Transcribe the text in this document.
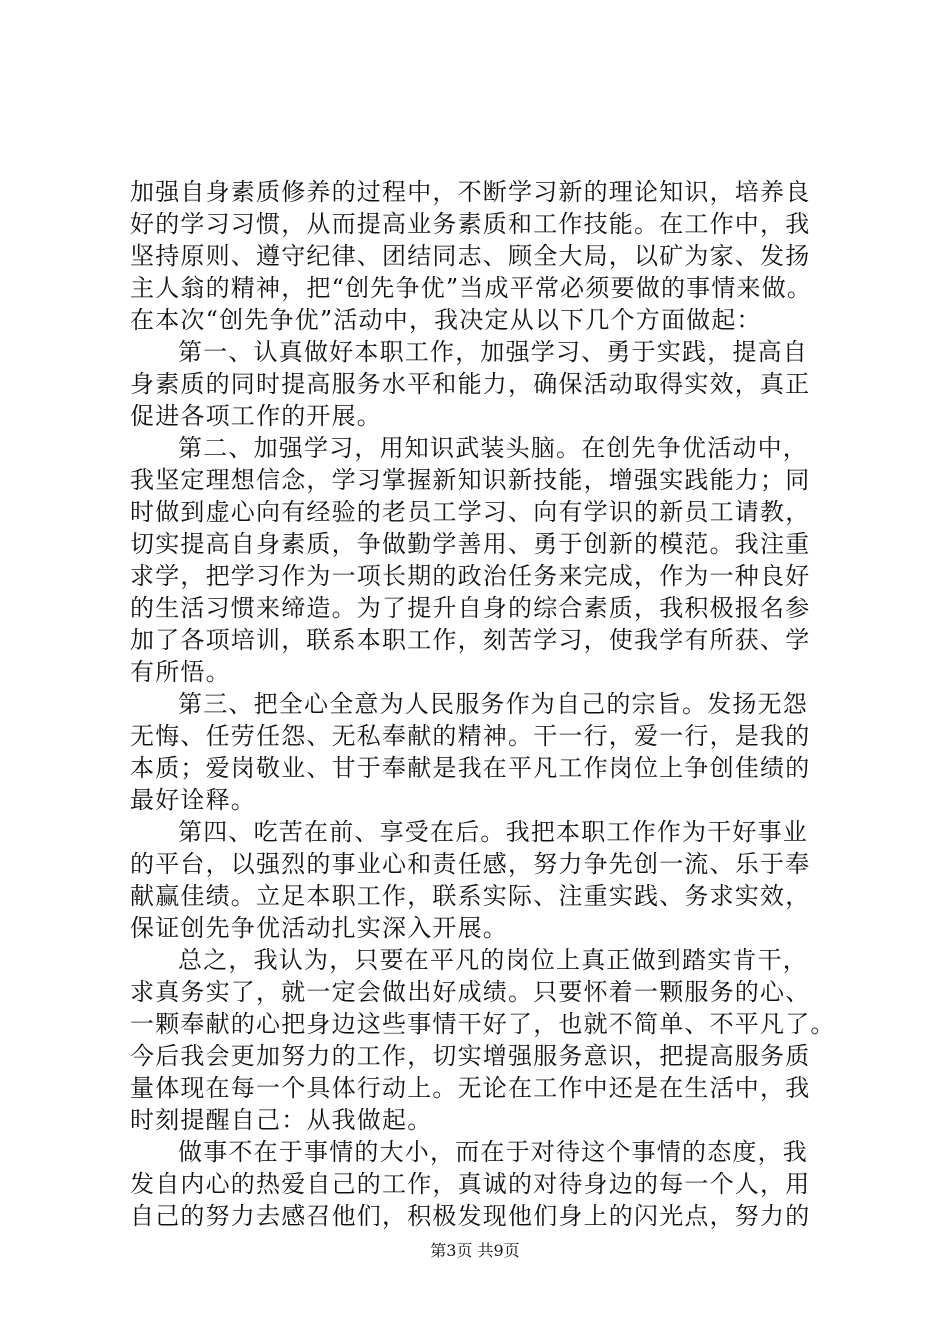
加强自身素质修养的过程中，不断学习新的理论知识，培养良
好的学习习惯，从而提高业务素质和工作技能。在工作中，我
坚持原则、遵守纪律、团结同志、顾全大局，以矿为家、发扬
主人翁的精神，把“创先争优”当成平常必须要做的事情来做。
在本次“创先争优”活动中，我决定从以下几个方面做起：
第一、认真做好本职工作，加强学习、勇于实践，提高自
身素质的同时提高服务水平和能力，确保活动取得实效，真正
促进各项工作的开展。
第二、加强学习，用知识武装头脑。在创先争优活动中，
我坚定理想信念，学习掌握新知识新技能，增强实践能力；同
时做到虚心向有经验的老员工学习、向有学识的新员工请教，
切实提高自身素质，争做勤学善用、勇于创新的模范。我注重
求学，把学习作为一项长期的政治任务来完成，作为一种良好
的生活习惯来缔造。为了提升自身的综合素质，我积极报名参
加了各项培训，联系本职工作，刻苦学习，使我学有所获、学
有所悟。
第三、把全心全意为人民服务作为自己的宗旨。发扬无怨
无悔、任劳任怨、无私奉献的精神。干一行，爱一行，是我的
本质；爱岗敬业、甘于奉献是我在平凡工作岗位上争创佳绩的
最好诠释。
第四、吃苦在前、享受在后。我把本职工作作为干好事业
的平台，以强烈的事业心和责任感，努力争先创一流、乐于奉
献赢佳绩。立足本职工作，联系实际、注重实践、务求实效，
保证创先争优活动扎实深入开展。
总之，我认为，只要在平凡的岗位上真正做到踏实肯干，
求真务实了，就一定会做出好成绩。只要怀着一颗服务的心、
一颗奉献的心把身边这些事情干好了，也就不简单、不平凡了。
今后我会更加努力的工作，切实增强服务意识，把提高服务质
量体现在每一个具体行动上。无论在工作中还是在生活中，我
时刻提醒自己：从我做起。
做事不在于事情的大小，而在于对待这个事情的态度，我
发自内心的热爱自己的工作，真诚的对待身边的每一个人，用
自己的努力去感召他们，积极发现他们身上的闪光点，努力的
第3页 共9页
